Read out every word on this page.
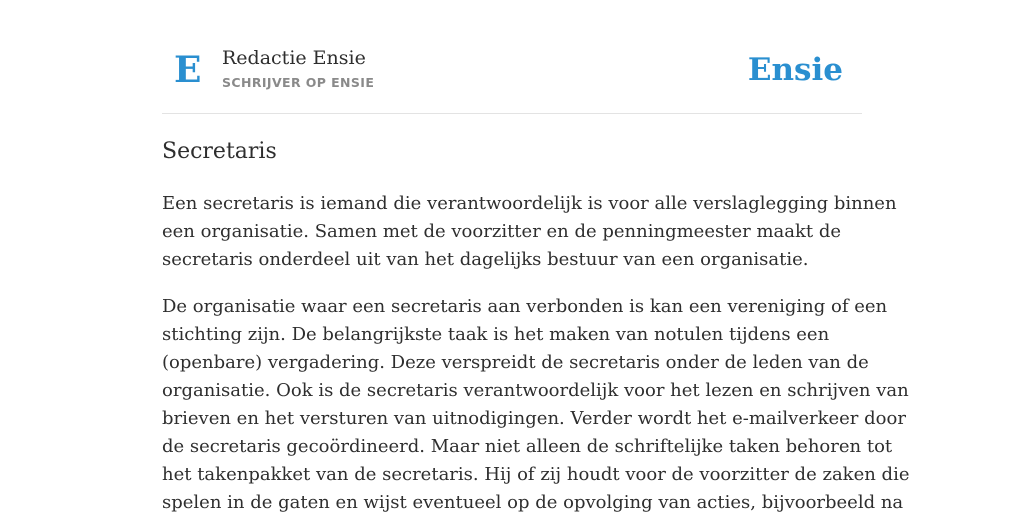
E Redactie Ensie
SCHRIJVER OP ENSIE	Ensie
Secretaris

Een secretaris is iemand die verantwoordelijk is voor alle verslaglegging binnen
een organisatie. Samen met de voorzitter en de penningmeester maakt de
secretaris onderdeel uit van het dagelijks bestuur van een organisatie.

De organisatie waar een secretaris aan verbonden is kan een vereniging of een
stichting zijn. De belangrijkste taak is het maken van notulen tijdens een
(openbare) vergadering. Deze verspreidt de secretaris onder de leden van de
organisatie. Ook is de secretaris verantwoordelijk voor het lezen en schrijven van
brieven en het versturen van uitnodigingen. Verder wordt het e-mailverkeer door
de secretaris gecoördineerd. Maar niet alleen de schriftelijke taken behoren tot
het takenpakket van de secretaris. Hij of zij houdt voor de voorzitter de zaken die
spelen in de gaten en wijst eventueel op de opvolging van acties, bijvoorbeeld na
